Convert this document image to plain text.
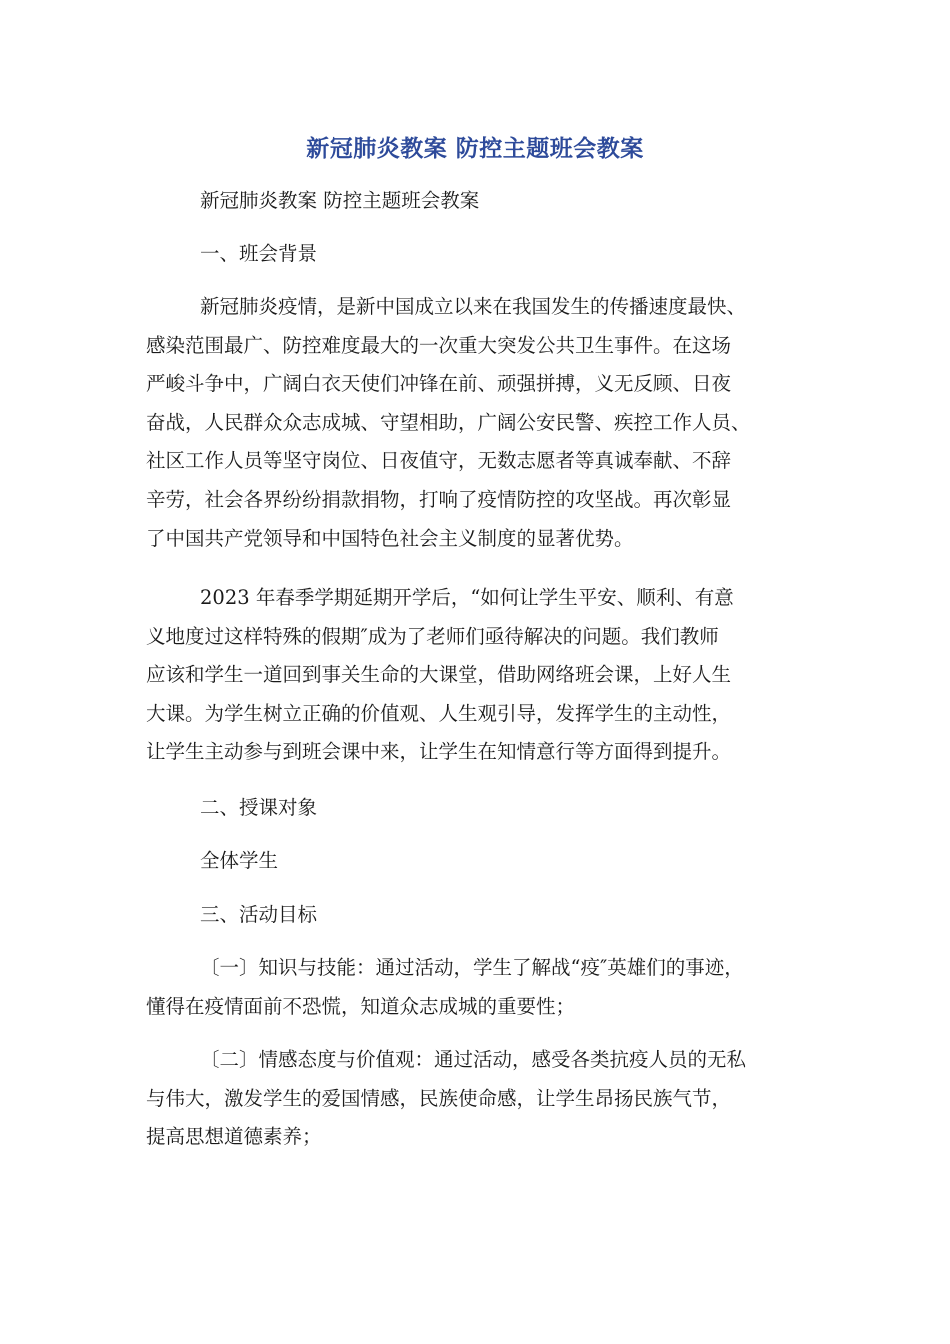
新冠肺炎教案 防控主题班会教案
新冠肺炎教案 防控主题班会教案
一、班会背景
新冠肺炎疫情，是新中国成立以来在我国发生的传播速度最快、
感染范围最广、防控难度最大的一次重大突发公共卫生事件。在这场
严峻斗争中，广阔白衣天使们冲锋在前、顽强拼搏，义无反顾、日夜
奋战，人民群众众志成城、守望相助，广阔公安民警、疾控工作人员、
社区工作人员等坚守岗位、日夜值守，无数志愿者等真诚奉献、不辞
辛劳，社会各界纷纷捐款捐物，打响了疫情防控的攻坚战。再次彰显
了中国共产党领导和中国特色社会主义制度的显著优势。
2023 年春季学期延期开学后，“如何让学生平安、顺利、有意
义地度过这样特殊的假期″成为了老师们亟待解决的问题。我们教师
应该和学生一道回到事关生命的大课堂，借助网络班会课，上好人生
大课。为学生树立正确的价值观、人生观引导，发挥学生的主动性，
让学生主动参与到班会课中来，让学生在知情意行等方面得到提升。
二、授课对象
全体学生
三、活动目标
〔一〕知识与技能：通过活动，学生了解战“疫″英雄们的事迹，
懂得在疫情面前不恐慌，知道众志成城的重要性；
〔二〕情感态度与价值观：通过活动，感受各类抗疫人员的无私
与伟大，激发学生的爱国情感，民族使命感，让学生昂扬民族气节，
提高思想道德素养；
